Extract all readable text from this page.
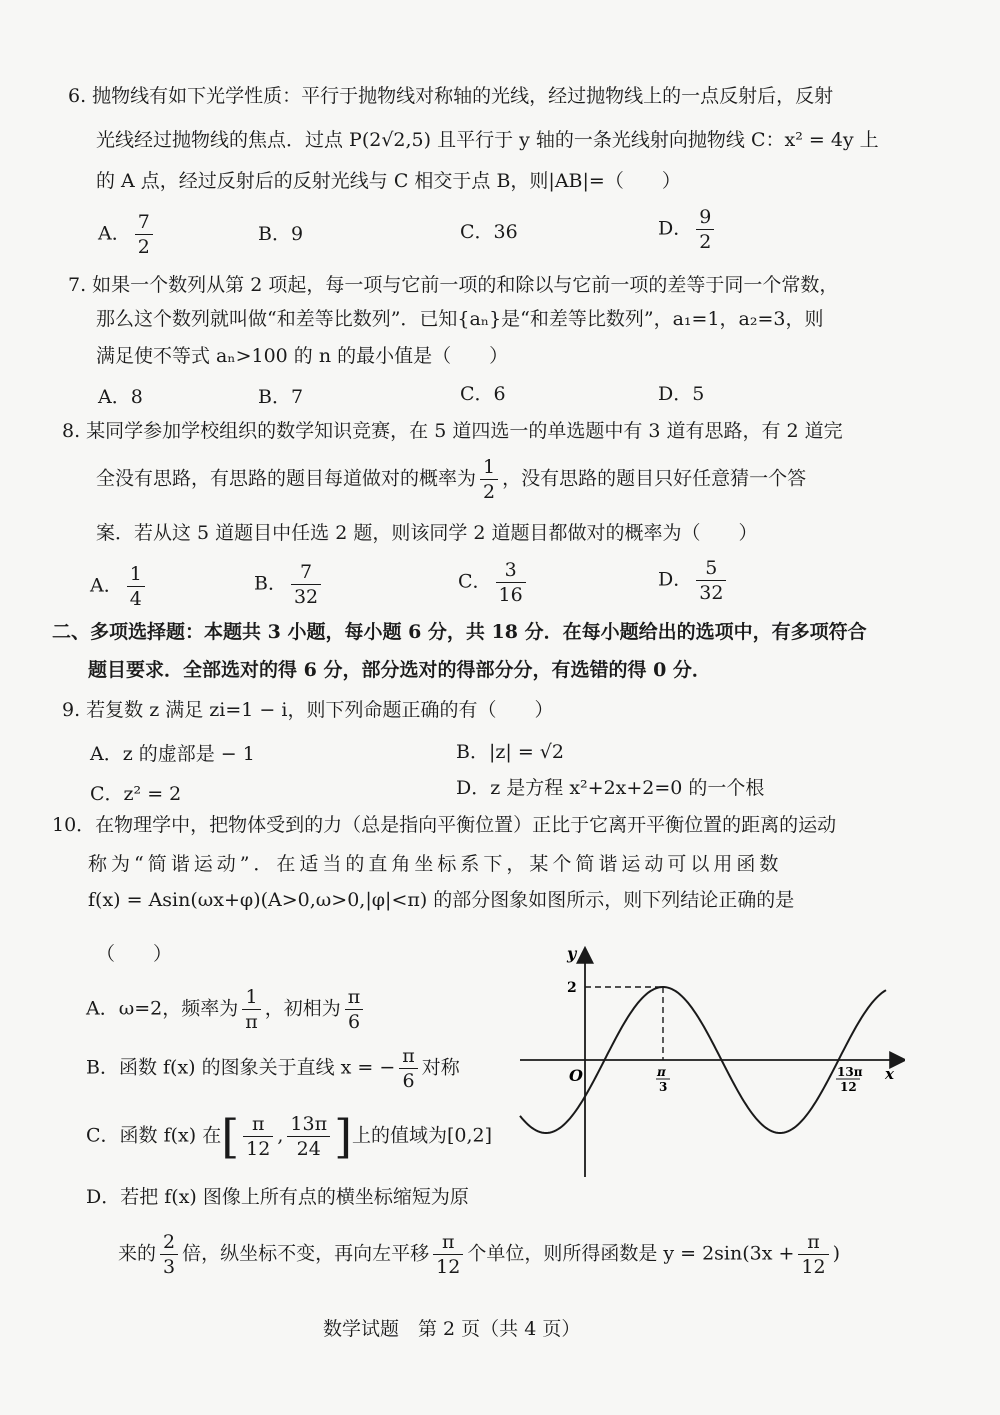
6. 抛物线有如下光学性质：平行于抛物线对称轴的光线，经过抛物线上的一点反射后，反射
光线经过抛物线的焦点．过点 P(2√2,5) 且平行于 y 轴的一条光线射向抛物线 C：x² = 4y 上
的 A 点，经过反射后的反射光线与 C 相交于点 B，则|AB|=（　　）
A． $\frac{7}{2}$	B．9	C．36	D． $\frac{9}{2}$
7. 如果一个数列从第 2 项起，每一项与它前一项的和除以与它前一项的差等于同一个常数，
那么这个数列就叫做“和差等比数列”．已知{aₙ}是“和差等比数列”，a₁=1，a₂=3，则
满足使不等式 aₙ>100 的 n 的最小值是（　　）
A．8	B．7	C．6	D．5
8. 某同学参加学校组织的数学知识竞赛，在 5 道四选一的单选题中有 3 道有思路，有 2 道完
全没有思路，有思路的题目每道做对的概率为 $\frac{1}{2}$ ，没有思路的题目只好任意猜一个答
案．若从这 5 道题目中任选 2 题，则该同学 2 道题目都做对的概率为（　　）
A． $\frac{1}{4}$	B． $\frac{7}{32}$	C． $\frac{3}{16}$	D． $\frac{5}{32}$
二、多项选择题：本题共 3 小题，每小题 6 分，共 18 分．在每小题给出的选项中，有多项符合
题目要求．全部选对的得 6 分，部分选对的得部分分，有选错的得 0 分．
9. 若复数 z 满足 zi=1 − i，则下列命题正确的有（　　）
A．z 的虚部是 − 1	B．|z| = √2
C．z² = 2	D．z 是方程 x²+2x+2=0 的一个根
10．在物理学中，把物体受到的力（总是指向平衡位置）正比于它离开平衡位置的距离的运动
称为“简谐运动”．在适当的直角坐标系下，某个简谐运动可以用函数
f(x) = Asin(ωx+φ)(A>0,ω>0,|φ|<π) 的部分图象如图所示，则下列结论正确的是
（　　）
A．ω=2，频率为 $\frac{1}{\pi}$ ，初相为 $\frac{\pi}{6}$
B．函数 f(x) 的图象关于直线 x = − $\frac{\pi}{6}$ 对称
C．函数 f(x) 在[ $\frac{\pi}{12}$ , $\frac{13\pi}{24}$ ]上的值域为[0,2]
D．若把 f(x) 图像上所有点的横坐标缩短为原
来的 $\frac{2}{3}$ 倍，纵坐标不变，再向左平移 $\frac{\pi}{12}$ 个单位，则所得函数是 $y = 2\sin(3x + \frac{\pi}{12}$ )
y
x
O
2
π
3
13π
12
数学试题　第 2 页（共 4 页）
